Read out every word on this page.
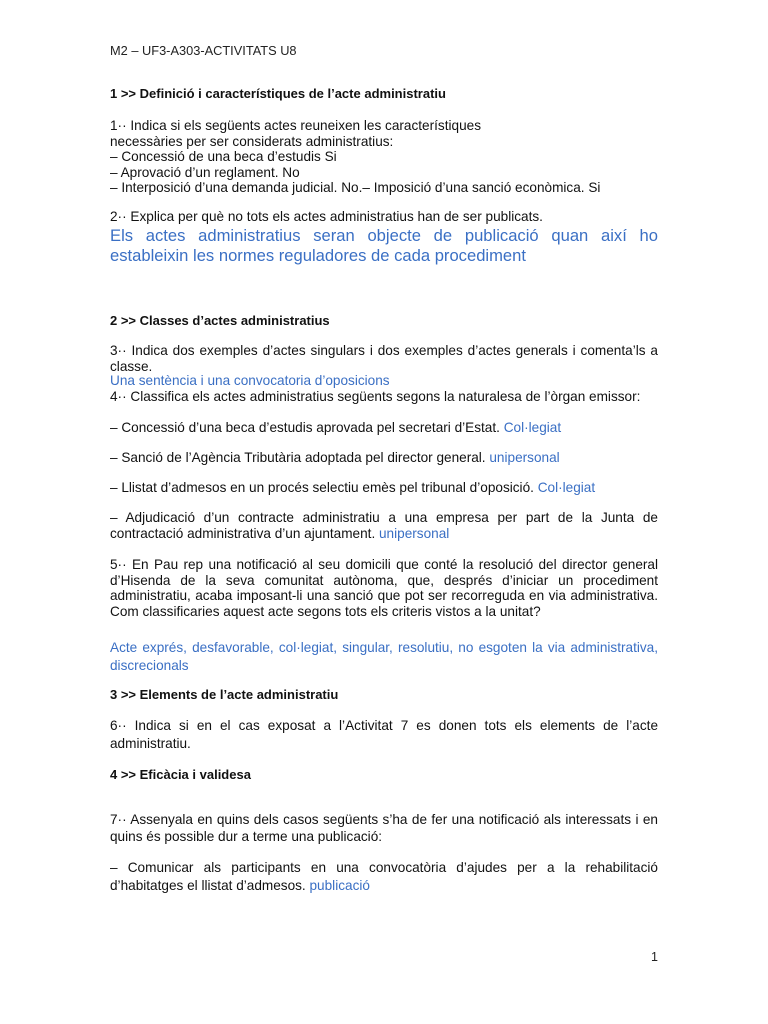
M2 – UF3-A303-ACTIVITATS U8
1 >> Definició i característiques de l’acte administratiu
1·· Indica si els següents actes reuneixen les característiques
necessàries per ser considerats administratius:
– Concessió de una beca d’estudis Si
– Aprovació d’un reglament. No
– Interposició d’una demanda judicial. No.– Imposició d’una sanció econòmica. Si
2·· Explica per què no tots els actes administratius han de ser publicats.
Els actes administratius seran objecte de publicació quan així ho estableixin les normes reguladores de cada procediment
2 >> Classes d’actes administratius
3·· Indica dos exemples d’actes singulars i dos exemples d’actes generals i comenta’ls a classe.
Una sentència i una convocatoria d’oposicions
4·· Classifica els actes administratius següents segons la naturalesa de l’òrgan emissor:
– Concessió d’una beca d’estudis aprovada pel secretari d’Estat. Col·legiat
– Sanció de l’Agència Tributària adoptada pel director general. unipersonal
– Llistat d’admesos en un procés selectiu emès pel tribunal d’oposició. Col·legiat
– Adjudicació d’un contracte administratiu a una empresa per part de la Junta de contractació administrativa d’un ajuntament. unipersonal
5·· En Pau rep una notificació al seu domicili que conté la resolució del director general d’Hisenda de la seva comunitat autònoma, que, després d’iniciar un procediment administratiu, acaba imposant-li una sanció que pot ser recorreguda en via administrativa. Com classificaries aquest acte segons tots els criteris vistos a la unitat?
Acte exprés, desfavorable, col·legiat, singular, resolutiu, no esgoten la via administrativa, discrecionals
3 >> Elements de l’acte administratiu
6·· Indica si en el cas exposat a l’Activitat 7 es donen tots els elements de l’acte administratiu.
4 >> Eficàcia i validesa
7·· Assenyala en quins dels casos següents s’ha de fer una notificació als interessats i en quins és possible dur a terme una publicació:
– Comunicar als participants en una convocatòria d’ajudes per a la rehabilitació d’habitatges el llistat d’admesos. publicació
1
